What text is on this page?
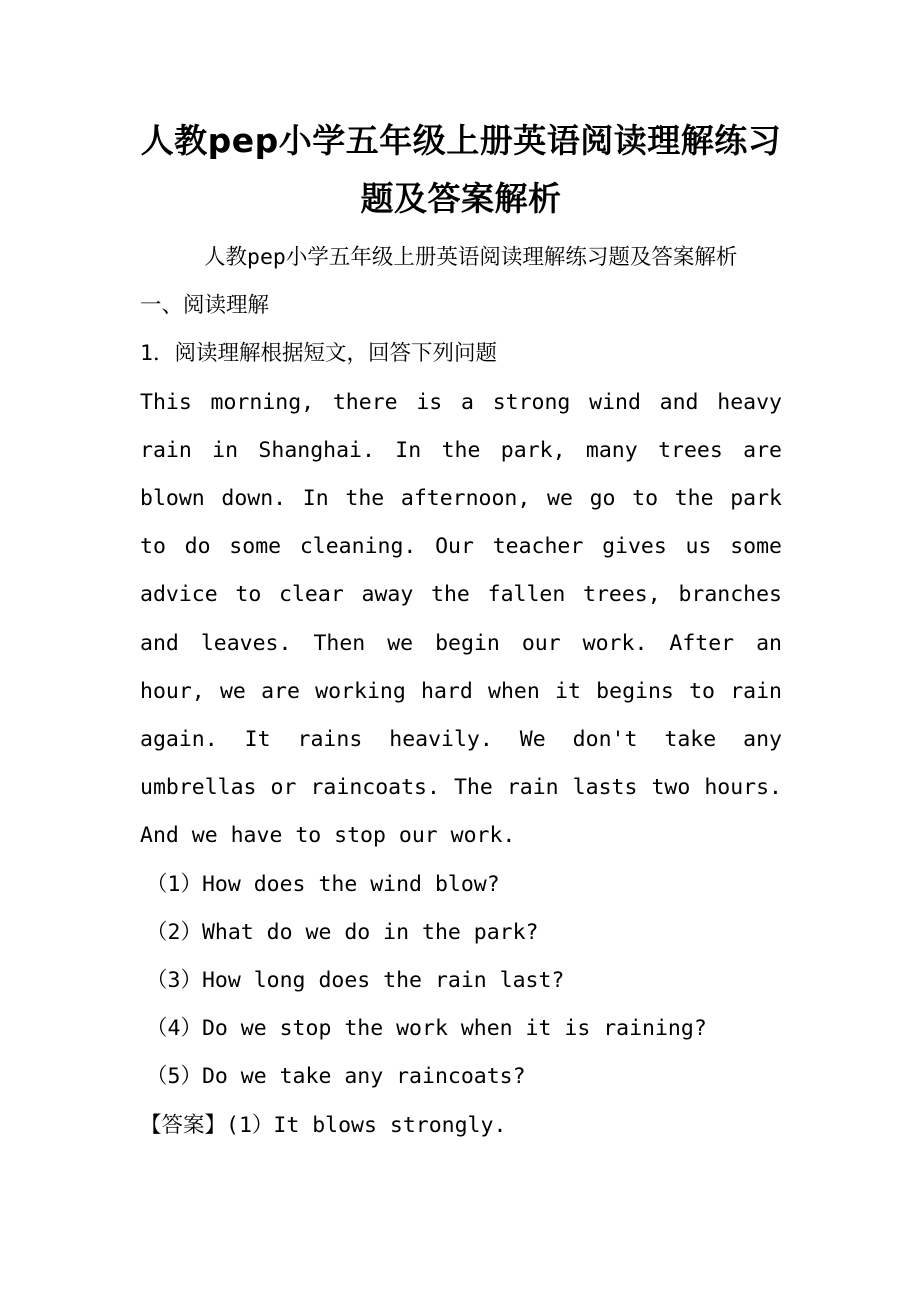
人教pep小学五年级上册英语阅读理解练习
题及答案解析

人教pep小学五年级上册英语阅读理解练习题及答案解析

一、阅读理解

1．阅读理解根据短文，回答下列问题

This morning, there is a strong wind and heavy rain in Shanghai. In the park, many trees are blown down. In the afternoon, we go to the park to do some cleaning. Our teacher gives us some advice to clear away the fallen trees, branches and leaves. Then we begin our work. After an hour, we are working hard when it begins to rain again. It rains heavily. We don't take any umbrellas or raincoats. The rain lasts two hours. And we have to stop our work.

（1）How does the wind blow?

（2）What do we do in the park?

（3）How long does the rain last?

（4）Do we stop the work when it is raining?

（5）Do we take any raincoats?

【答案】(1）It blows strongly.
